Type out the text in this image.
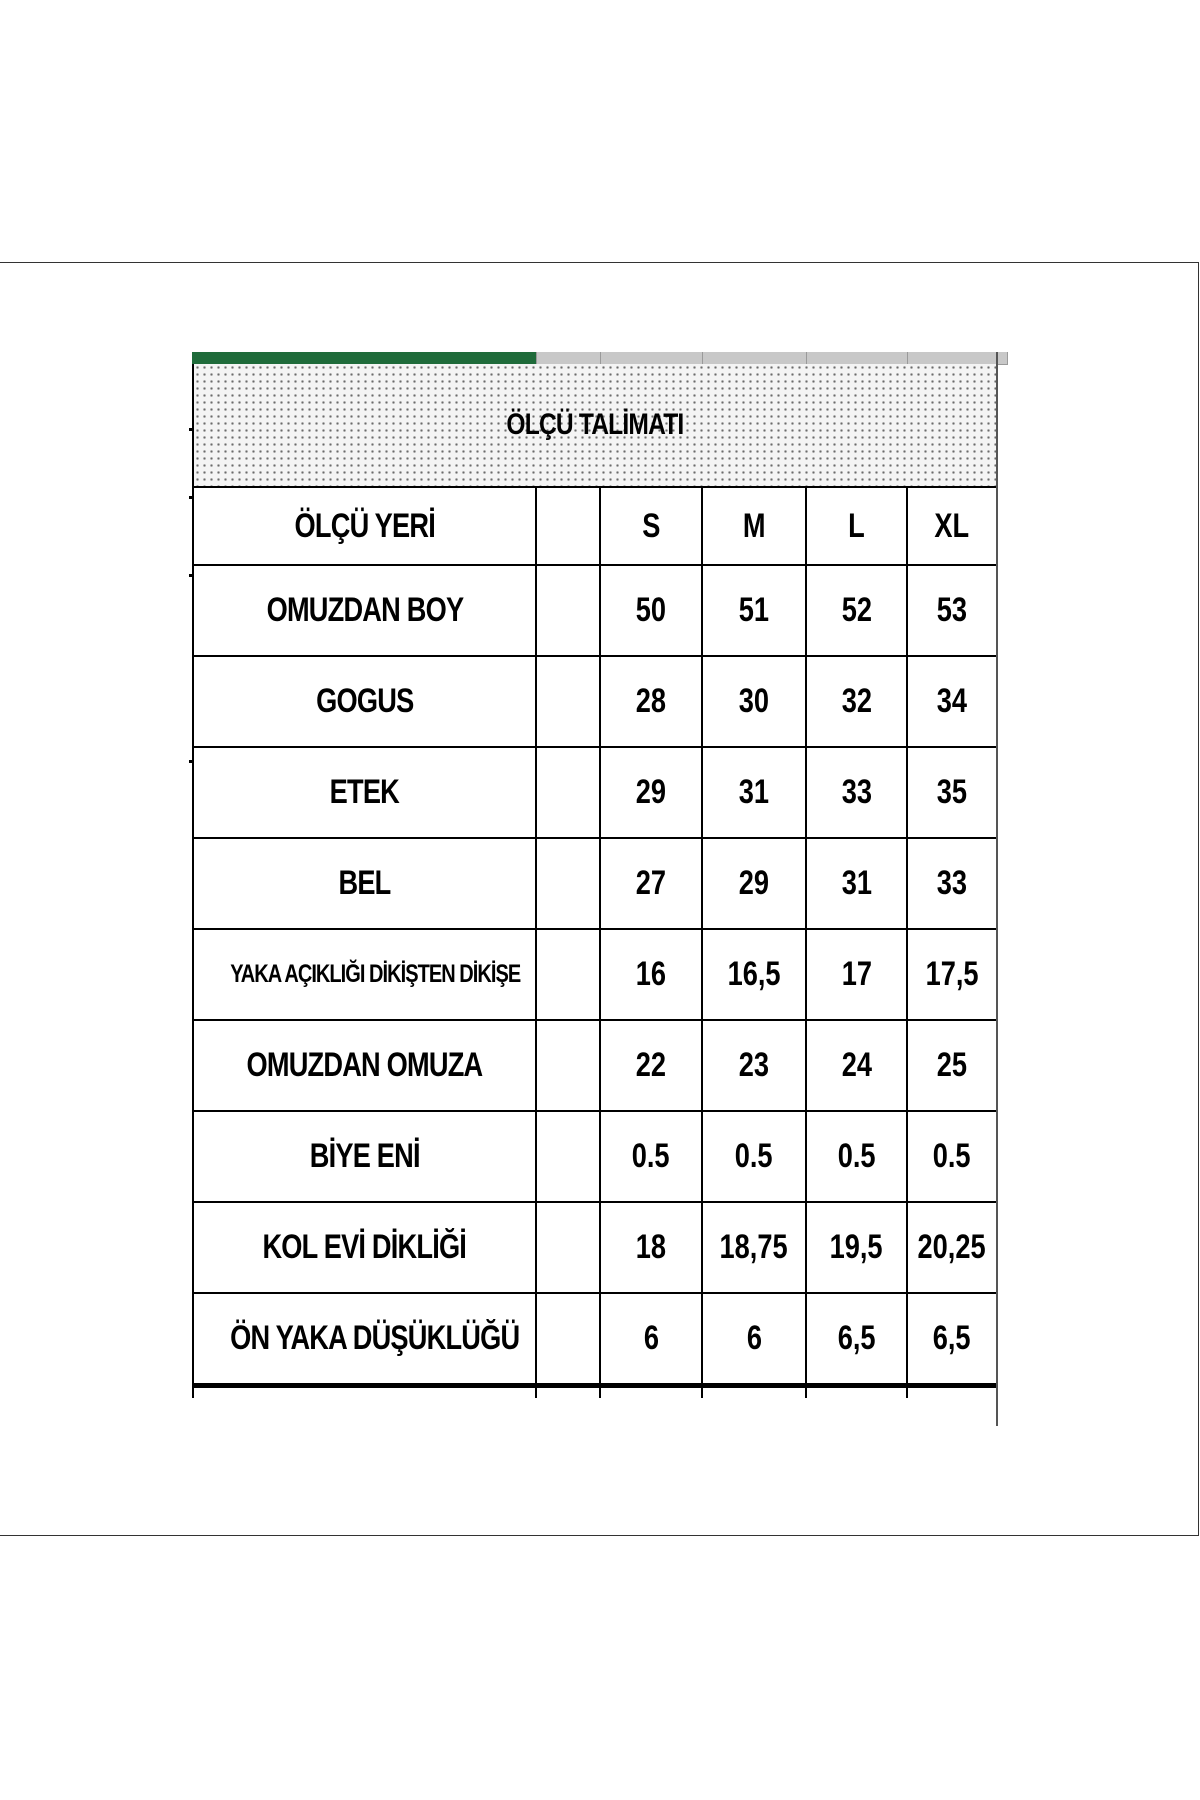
ÖLÇÜ TALİMATI					
ÖLÇÜ YERİ		S	M	L	XL
OMUZDAN BOY		50	51	52	53
GOGUS		28	30	32	34
ETEK		29	31	33	35
BEL		27	29	31	33
YAKA AÇIKLIĞI DİKİŞTEN DİKİŞE		16	16,5	17	17,5
OMUZDAN OMUZA		22	23	24	25
BİYE ENİ		0.5	0.5	0.5	0.5
KOL EVİ DİKLİĞİ		18	18,75	19,5	20,25
ÖN YAKA DÜŞÜKLÜĞÜ		6	6	6,5	6,5
